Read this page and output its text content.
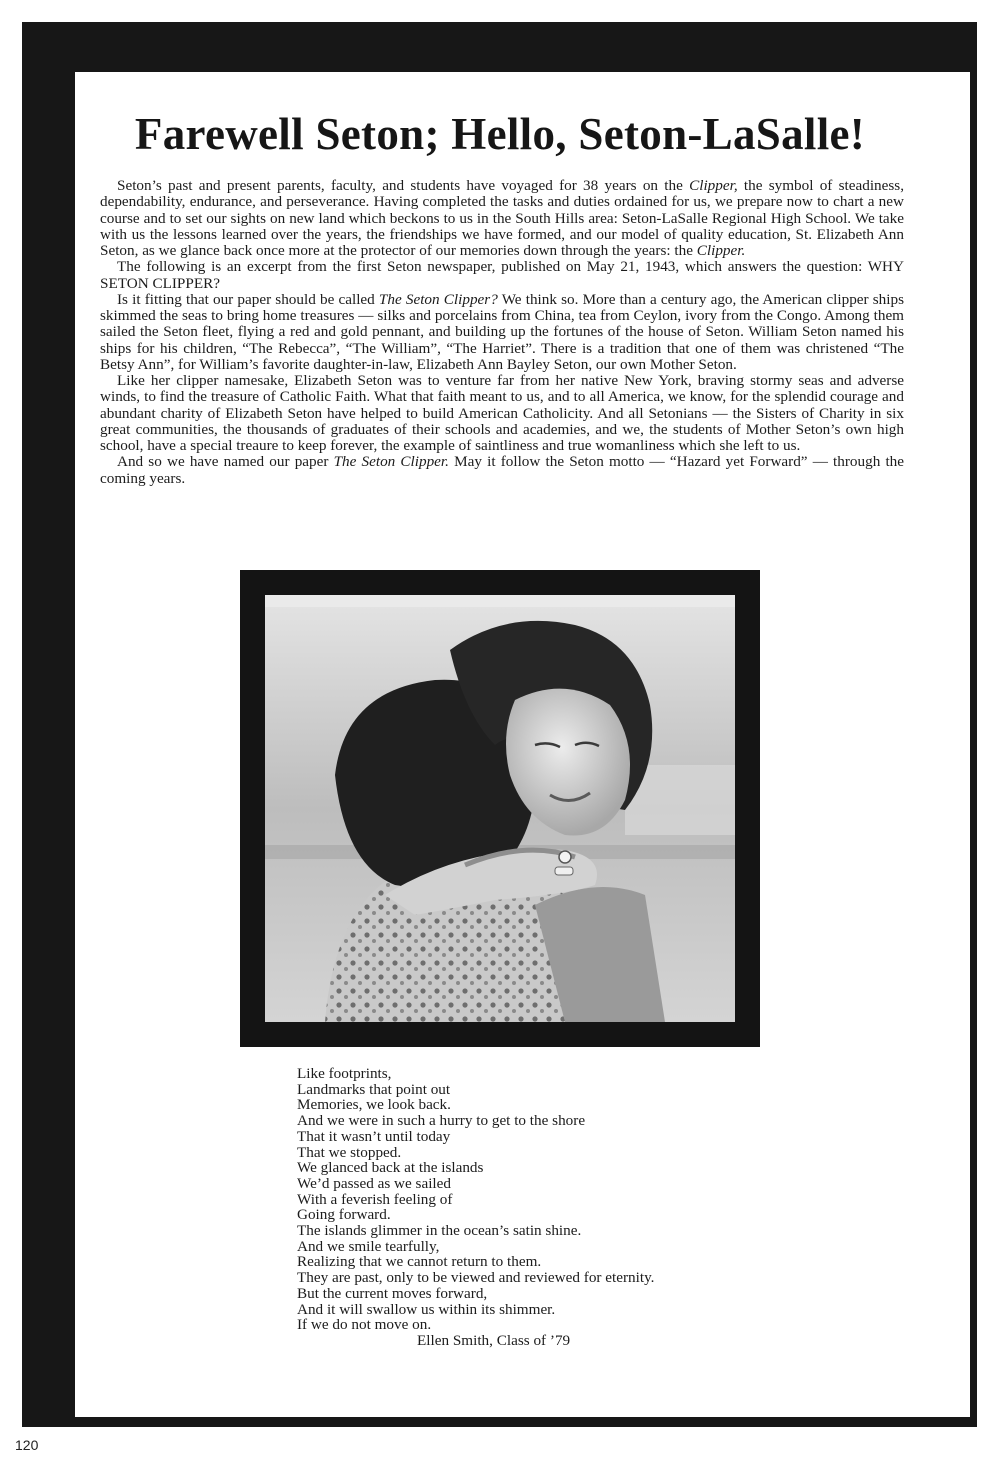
Farewell Seton; Hello, Seton-LaSalle!

Seton’s past and present parents, faculty, and students have voyaged for 38 years on the Clipper, the symbol of steadiness, dependability, endurance, and perseverance. Having completed the tasks and duties ordained for us, we prepare now to chart a new course and to set our sights on new land which beckons to us in the South Hills area: Seton-LaSalle Regional High School. We take with us the lessons learned over the years, the friendships we have formed, and our model of quality education, St. Elizabeth Ann Seton, as we glance back once more at the protector of our memories down through the years: the Clipper.

The following is an excerpt from the first Seton newspaper, published on May 21, 1943, which answers the question: WHY SETON CLIPPER?

Is it fitting that our paper should be called The Seton Clipper? We think so. More than a century ago, the American clipper ships skimmed the seas to bring home treasures — silks and porcelains from China, tea from Ceylon, ivory from the Congo. Among them sailed the Seton fleet, flying a red and gold pennant, and building up the fortunes of the house of Seton. William Seton named his ships for his children, “The Rebecca”, “The William”, “The Harriet”. There is a tradition that one of them was christened “The Betsy Ann”, for William’s favorite daughter-in-law, Elizabeth Ann Bayley Seton, our own Mother Seton.

Like her clipper namesake, Elizabeth Seton was to venture far from her native New York, braving stormy seas and adverse winds, to find the treasure of Catholic Faith. What that faith meant to us, and to all America, we know, for the splendid courage and abundant charity of Elizabeth Seton have helped to build American Catholicity. And all Setonians — the Sisters of Charity in six great communities, the thousands of graduates of their schools and academies, and we, the students of Mother Seton’s own high school, have a special treaure to keep forever, the example of saintliness and true womanliness which she left to us.

And so we have named our paper The Seton Clipper. May it follow the Seton motto — “Hazard yet Forward” — through the coming years.

Like footprints,
Landmarks that point out
Memories, we look back.
And we were in such a hurry to get to the shore
That it wasn’t until today
That we stopped.
We glanced back at the islands
We’d passed as we sailed
With a feverish feeling of
Going forward.
The islands glimmer in the ocean’s satin shine.
And we smile tearfully,
Realizing that we cannot return to them.
They are past, only to be viewed and reviewed for eternity.
But the current moves forward,
And it will swallow us within its shimmer.
If we do not move on.
Ellen Smith, Class of ’79
120
